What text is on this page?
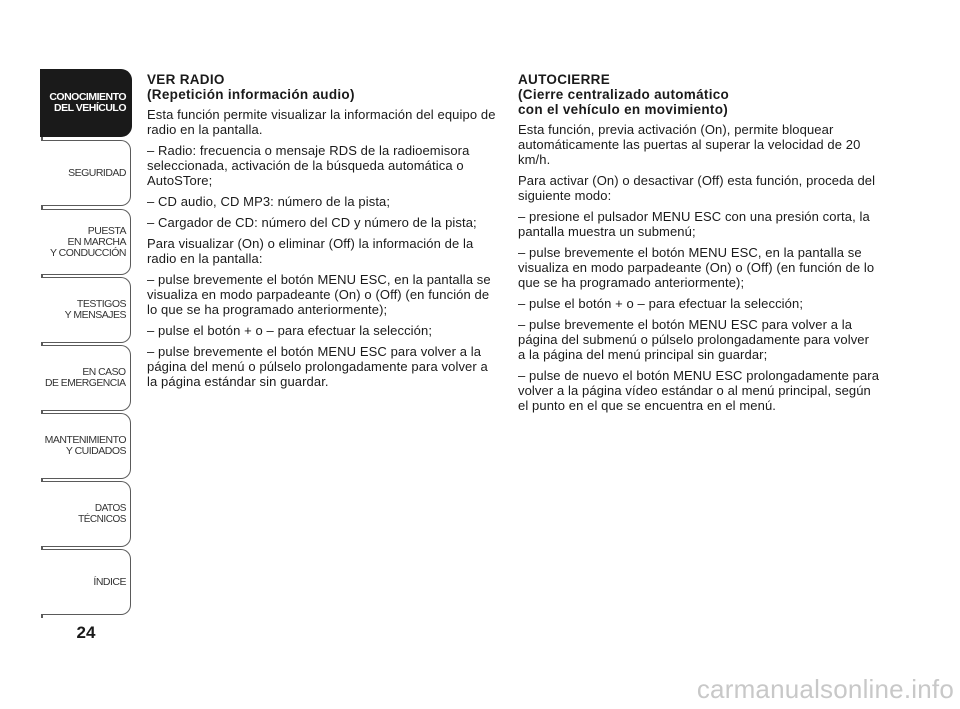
CONOCIMIENTO
DEL VEHÍCULO
SEGURIDAD
PUESTA
EN MARCHA
Y CONDUCCIÓN
TESTIGOS
Y MENSAJES
EN CASO
DE EMERGENCIA
MANTENIMIENTO
Y CUIDADOS
DATOS TÉCNICOS
ÍNDICE
24
VER RADIO
(Repetición información audio)

Esta función permite visualizar la información del equipo de radio en la pantalla.

– Radio: frecuencia o mensaje RDS de la radioemisora seleccionada, activación de la búsqueda automática o AutoSTore;

– CD audio, CD MP3: número de la pista;

– Cargador de CD: número del CD y número de la pista;

Para visualizar (On) o eliminar (Off) la información de la radio en la pantalla:

– pulse brevemente el botón MENU ESC, en la pantalla se visualiza en modo parpadeante (On) o (Off) (en función de lo que se ha programado anteriormente);

– pulse el botón + o – para efectuar la selección;

– pulse brevemente el botón MENU ESC para volver a la página del menú o púlselo prolongadamente para volver a la página estándar sin guardar.

AUTOCIERRE
(Cierre centralizado automático
con el vehículo en movimiento)

Esta función, previa activación (On), permite bloquear automáticamente las puertas al superar la velocidad de 20 km/h.

Para activar (On) o desactivar (Off) esta función, proceda del siguiente modo:

– presione el pulsador MENU ESC con una presión corta, la pantalla muestra un submenú;

– pulse brevemente el botón MENU ESC, en la pantalla se visualiza en modo parpadeante (On) o (Off) (en función de lo que se ha programado anteriormente);

– pulse el botón + o – para efectuar la selección;

– pulse brevemente el botón MENU ESC para volver a la página del submenú o púlselo prolongadamente para volver a la página del menú principal sin guardar;

– pulse de nuevo el botón MENU ESC prolongadamente para volver a la página vídeo estándar o al menú principal, según el punto en el que se encuentra en el menú.

carmanualsonline.info
